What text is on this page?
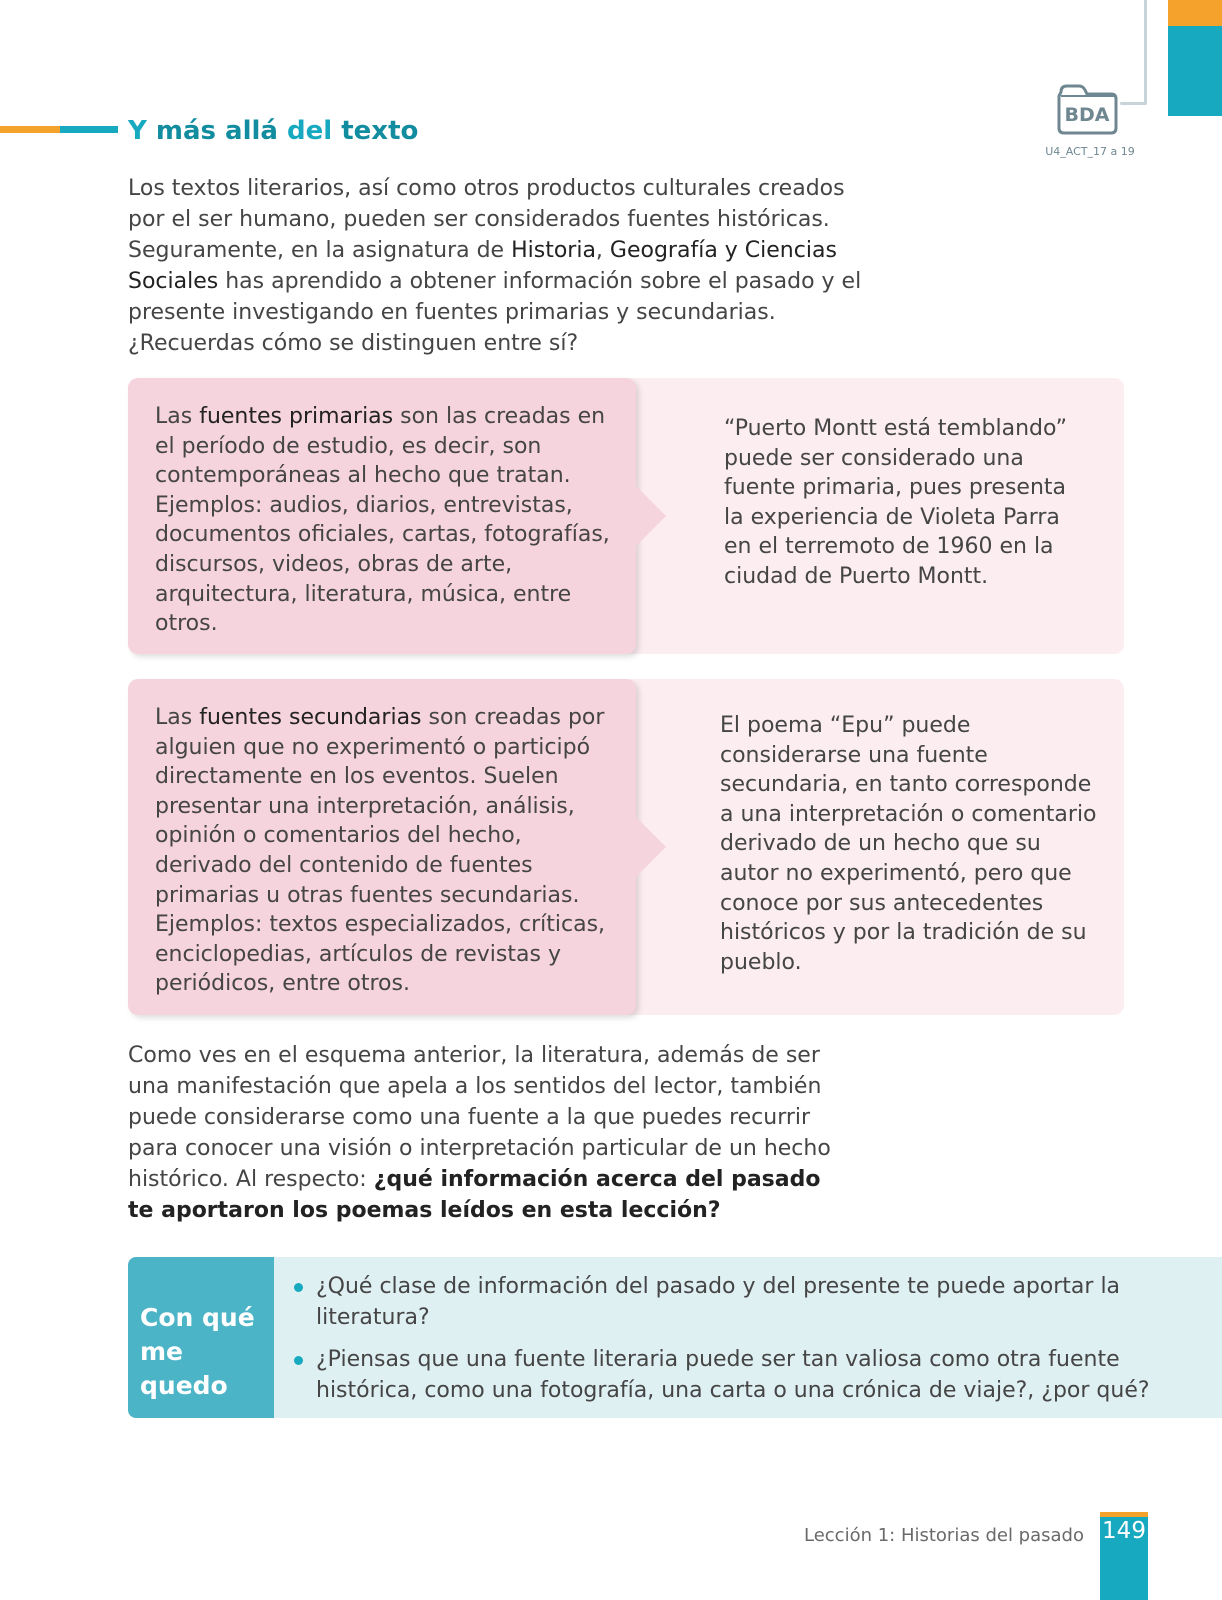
BDA
U4_ACT_17 a 19
Y más allá del texto

Los textos literarios, así como otros productos culturales creados por el ser humano, pueden ser considerados fuentes históricas. Seguramente, en la asignatura de Historia, Geografía y Ciencias Sociales has aprendido a obtener información sobre el pasado y el presente investigando en fuentes primarias y secundarias. ¿Recuerdas cómo se distinguen entre sí?

“Puerto Montt está temblando” puede ser considerado una fuente primaria, pues presenta la experiencia de Violeta Parra en el terremoto de 1960 en la ciudad de Puerto Montt.
Las fuentes primarias son las creadas en el período de estudio, es decir, son contemporáneas al hecho que tratan. Ejemplos: audios, diarios, entrevistas, documentos oficiales, cartas, fotografías, discursos, videos, obras de arte, arquitectura, literatura, música, entre otros.
El poema “Epu” puede considerarse una fuente secundaria, en tanto corresponde a una interpretación o comentario derivado de un hecho que su autor no experimentó, pero que conoce por sus antecedentes históricos y por la tradición de su pueblo.
Las fuentes secundarias son creadas por alguien que no experimentó o participó directamente en los eventos. Suelen presentar una interpretación, análisis, opinión o comentarios del hecho, derivado del contenido de fuentes primarias u otras fuentes secundarias. Ejemplos: textos especializados, críticas, enciclopedias, artículos de revistas y periódicos, entre otros.

Como ves en el esquema anterior, la literatura, además de ser una manifestación que apela a los sentidos del lector, también puede considerarse como una fuente a la que puedes recurrir para conocer una visión o interpretación particular de un hecho histórico. Al respecto: ¿qué información acerca del pasado te aportaron los poemas leídos en esta lección?

Con qué
me quedo
¿Qué clase de información del pasado y del presente te puede aportar la literatura?
¿Piensas que una fuente literaria puede ser tan valiosa como otra fuente histórica, como una fotografía, una carta o una crónica de viaje?, ¿por qué?
Lección 1: Historias del pasado 149
